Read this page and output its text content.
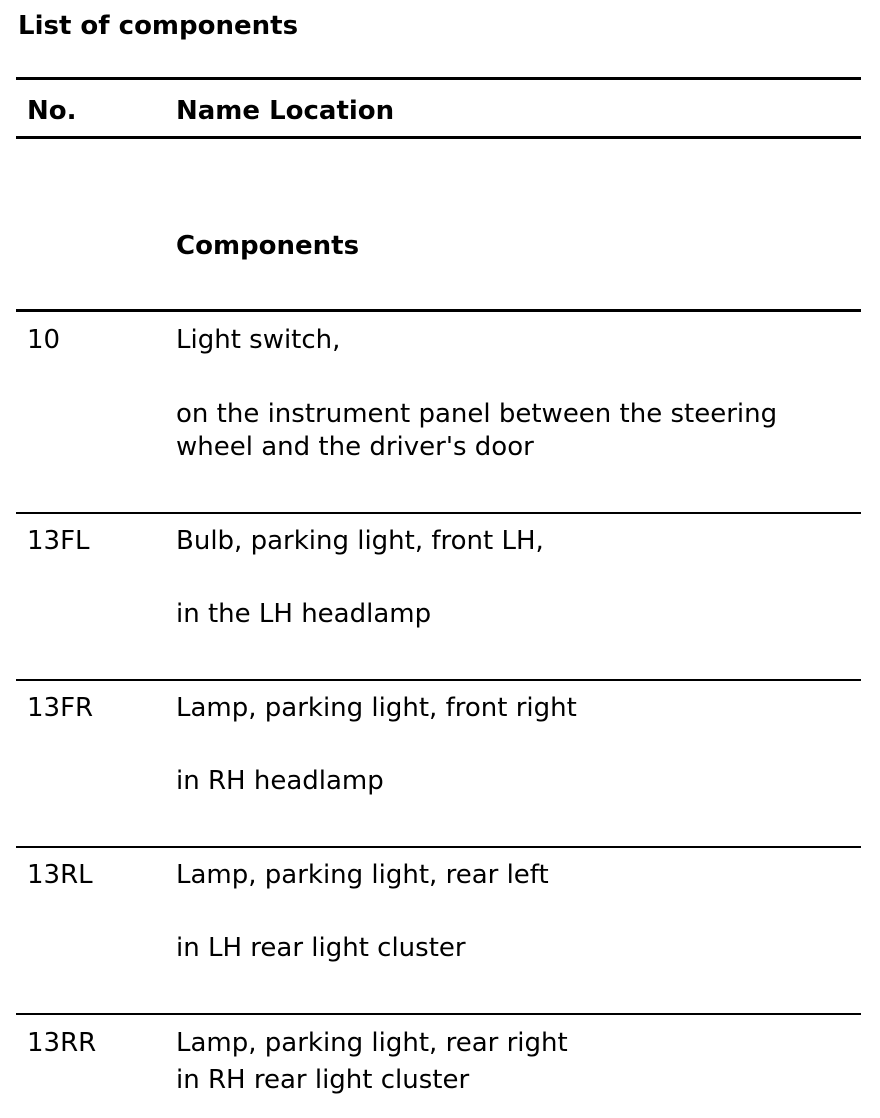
List of components
No.	Name Location
Components
10	Light switch,
on the instrument panel between the steering
wheel and the driver's door
13FL	Bulb, parking light, front LH,
in the LH headlamp
13FR	Lamp, parking light, front right
in RH headlamp
13RL	Lamp, parking light, rear left
in LH rear light cluster
13RR	Lamp, parking light, rear right
in RH rear light cluster
